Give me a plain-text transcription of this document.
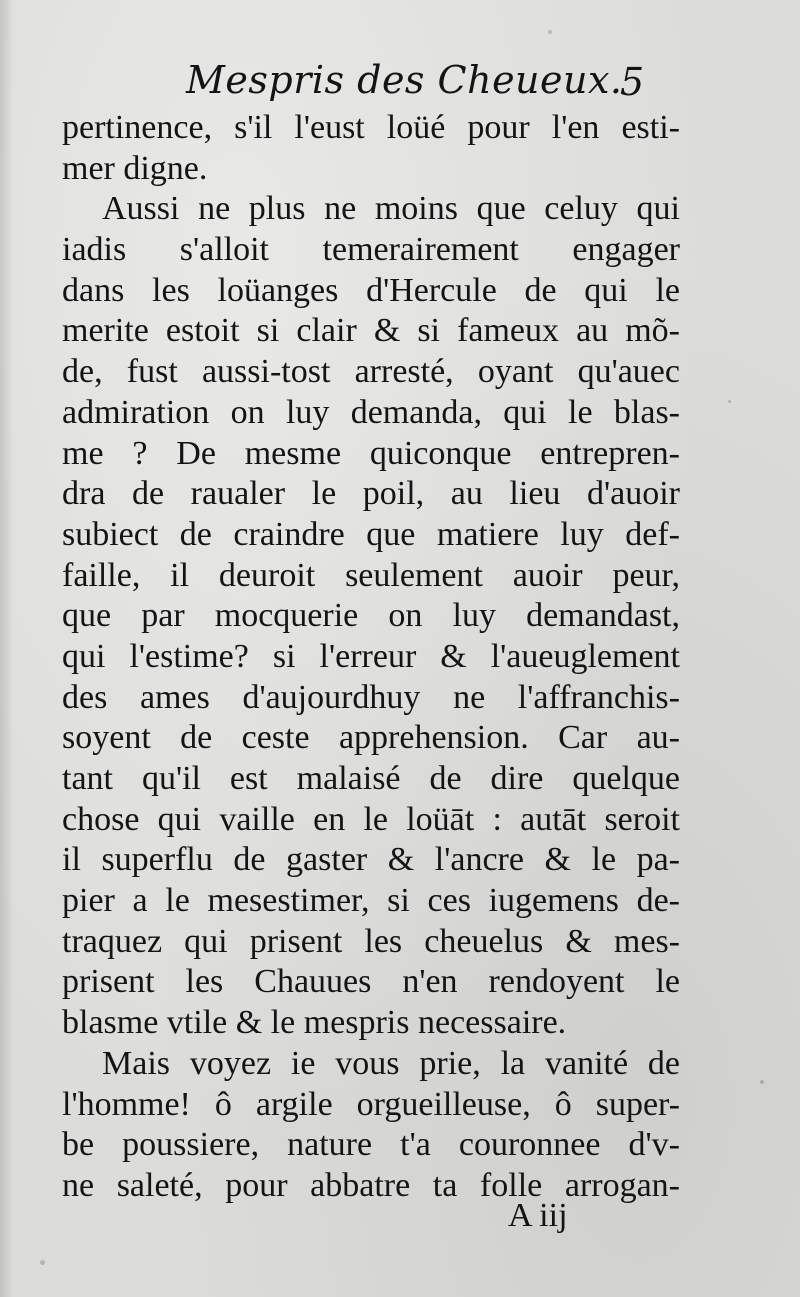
Mespris des Cheueux.
5
pertinence, s'il l'eust loüé pour l'en esti-
mer digne.
Aussi ne plus ne moins que celuy qui
iadis s'alloit temerairement engager
dans les loüanges d'Hercule de qui le
merite estoit si clair & si fameux au mõ-
de, fust aussi-tost arresté, oyant qu'auec
admiration on luy demanda, qui le blas-
me ? De mesme quiconque entrepren-
dra de raualer le poil, au lieu d'auoir
subiect de craindre que matiere luy def-
faille, il deuroit seulement auoir peur,
que par mocquerie on luy demandast,
qui l'estime? si l'erreur & l'aueuglement
des ames d'aujourdhuy ne l'affranchis-
soyent de ceste apprehension. Car au-
tant qu'il est malaisé de dire quelque
chose qui vaille en le loüāt : autāt seroit
il superflu de gaster & l'ancre & le pa-
pier a le mesestimer, si ces iugemens de-
traquez qui prisent les cheuelus & mes-
prisent les Chauues n'en rendoyent le
blasme vtile & le mespris necessaire.
Mais voyez ie vous prie, la vanité de
l'homme! ô argile orgueilleuse, ô super-
be poussiere, nature t'a couronnee d'v-
ne saleté, pour abbatre ta folle arrogan-
A iij
